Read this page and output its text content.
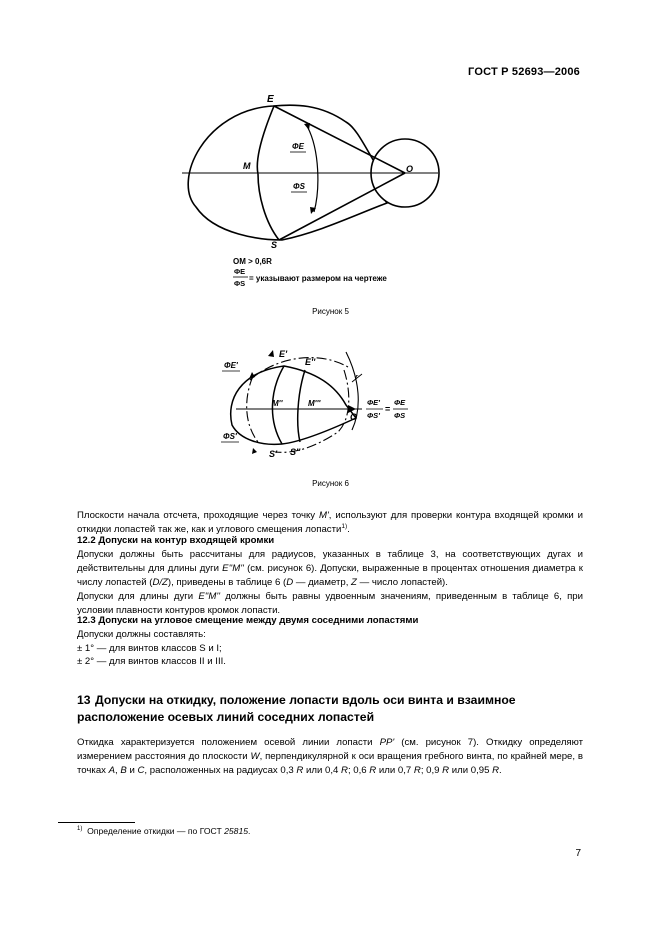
ГОСТ Р 52693—2006
E
M
S
O
ΦE
ΦS
OM > 0,6R
ΦE
ΦS
= указывают размером на чертеже
ΦE'
E'
E''
M''	M'''
O
r
ΦS'
S' S''
ΦE'
ΦS'
=
ΦE
ΦS
Рисунок 5
Рисунок 6
Плоскости начала отсчета, проходящие через точку M', используют для проверки контура входящей кромки и откидки лопастей так же, как и углового смещения лопасти$^{1)}$.
12.2 Допуски на контур входящей кромки
Допуски должны быть рассчитаны для радиусов, указанных в таблице 3, на соответствующих дугах и действительны для длины дуги E''M'' (см. рисунок 6). Допуски, выраженные в процентах отношения диаметра к числу лопастей (D/Z), приведены в таблице 6 (D — диаметр, Z — число лопастей).
Допуски для длины дуги E''M'' должны быть равны удвоенным значениям, приведенным в таблице 6, при условии плавности контуров кромок лопасти.
12.3 Допуски на угловое смещение между двумя соседними лопастями
Допуски должны составлять:
± 1° — для винтов классов S и I;
± 2° — для винтов классов II и III.
13 Допуски на откидку, положение лопасти вдоль оси винта и взаимное расположение осевых линий соседних лопастей
Откидка характеризуется положением осевой линии лопасти PP' (см. рисунок 7). Откидку определяют измерением расстояния до плоскости W, перпендикулярной к оси вращения гребного винта, по крайней мере, в точках A, B и C, расположенных на радиусах 0,3 R или 0,4 R; 0,6 R или 0,7 R; 0,9 R или 0,95 R.
$^{1)}$ Определение откидки — по ГОСТ 25815.
7
